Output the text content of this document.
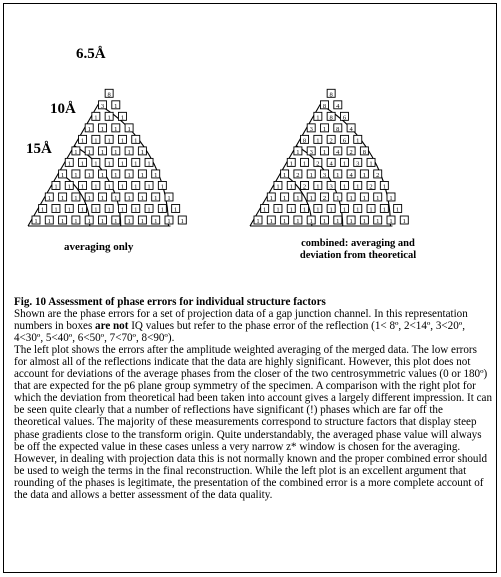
6.5Å
10Å
15Å
averaging only
8
3 1
1 1 1
1 1 1 1
1 1 1 1 1
1 1 1 1 1 1
1 1 1 1 1 1 1
1 1 1 1 1 1 1 1
1 1 1 1 1 1 1 1 1
1 1 1 1 1 1 1 1 1 1
1 1 1 1 1 1 1 1 1 1 1
1 1 1 1 1 1 1 1 1 1 1 1
combined: averaging and
deviation from theoretical
8
8 4
1 8 6
3 1 8 4
8 1 2 6 1
1 3 1 4 2 8
1 1 2 4 1 3 1
1 2 1 3 1 4 1 2
1 1 2 1 3 1 1 2 1
1 1 1 1 2 1 1 1 1 1
1 1 1 1 1 1 1 1 1 1 1
1 1 1 1 1 1 1 1 1 1 1 1

Fig. 10 Assessment of phase errors for individual structure factors

Shown are the phase errors for a set of projection data of a gap junction channel. In this representation numbers in boxes are not IQ values but refer to the phase error of the reflection (1< 8º, 2<14º, 3<20º, 4<30º, 5<40º, 6<50º, 7<70º, 8<90º).

The left plot shows the errors after the amplitude weighted averaging of the merged data. The low errors for almost all of the reflections indicate that the data are highly significant. However, this plot does not account for deviations of the average phases from the closer of the two centrosymmetric values (0 or 180º) that are expected for the p6 plane group symmetry of the specimen. A comparison with the right plot for which the deviation from theoretical had been taken into account gives a largely different impression. It can be seen quite clearly that a number of reflections have significant (!) phases which are far off the theoretical values. The majority of these measurements correspond to structure factors that display steep phase gradients close to the transform origin. Quite understandably, the averaged phase value will always be off the expected value in these cases unless a very narrow z* window is chosen for the averaging. However, in dealing with projection data this is not normally known and the proper combined error should be used to weigh the terms in the final reconstruction. While the left plot is an excellent argument that rounding of the phases is legitimate, the presentation of the combined error is a more complete account of the data and allows a better assessment of the data quality.
